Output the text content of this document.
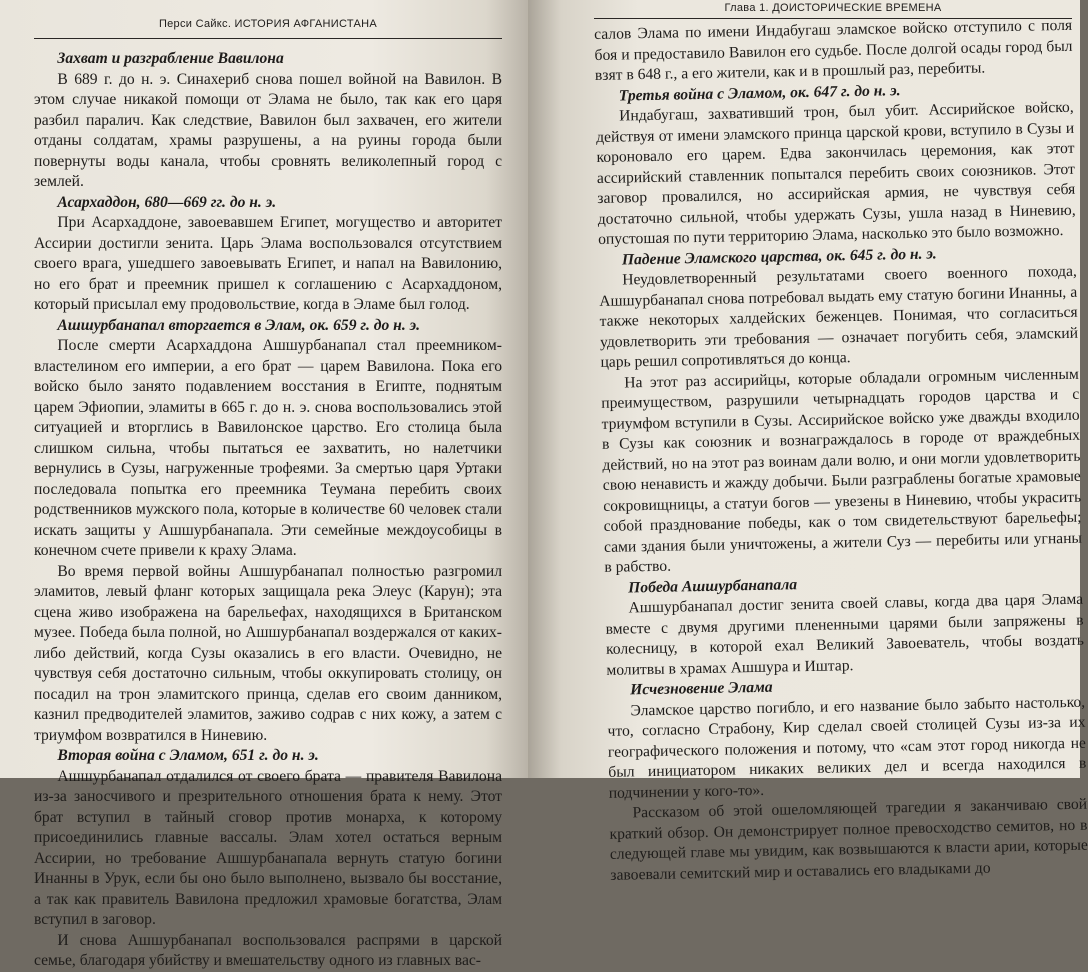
Перси Сайкс. ИСТОРИЯ АФГАНИСТАНА
Захват и разграбление Вавилона

В 689 г. до н. э. Синахериб снова пошел войной на Вавилон. В этом случае никакой помощи от Элама не было, так как его царя разбил паралич. Как следствие, Вавилон был захвачен, его жители отданы солдатам, храмы разрушены, а на руины города были повернуты воды канала, чтобы сровнять великолепный город с землей.

Асархаддон, 680—669 гг. до н. э.

При Асархаддоне, завоевавшем Египет, могущество и авторитет Ассирии достигли зенита. Царь Элама воспользовался отсутствием своего врага, ушедшего завоевывать Египет, и напал на Вавилонию, но его брат и преемник пришел к соглашению с Асархаддоном, который присылал ему продовольствие, когда в Эламе был голод.

Ашшурбанапал вторгается в Элам, ок. 659 г. до н. э.

После смерти Асархаддона Ашшурбанапал стал преемником-властелином его империи, а его брат — царем Вавилона. Пока его войско было занято подавлением восстания в Египте, поднятым царем Эфиопии, эламиты в 665 г. до н. э. снова воспользовались этой ситуацией и вторглись в Вавилонское царство. Его столица была слишком сильна, чтобы пытаться ее захватить, но налетчики вернулись в Сузы, нагруженные трофеями. За смертью царя Уртаки последовала попытка его преемника Теумана перебить своих родственников мужского пола, которые в количестве 60 человек стали искать защиты у Ашшурбанапала. Эти семейные междоусобицы в конечном счете привели к краху Элама.

Во время первой войны Ашшурбанапал полностью разгромил эламитов, левый фланг которых защищала река Элеус (Карун); эта сцена живо изображена на барельефах, находящихся в Британском музее. Победа была полной, но Ашшурбанапал воздержался от каких-либо действий, когда Сузы оказались в его власти. Очевидно, не чувствуя себя достаточно сильным, чтобы оккупировать столицу, он посадил на трон эламитского принца, сделав его своим данником, казнил предводителей эламитов, заживо содрав с них кожу, а затем с триумфом возвратился в Ниневию.

Вторая война с Эламом, 651 г. до н. э.

Ашшурбанапал отдалился от своего брата — правителя Вавилона из-за заносчивого и презрительного отношения брата к нему. Этот брат вступил в тайный сговор против монарха, к которому присоединились главные вассалы. Элам хотел остаться верным Ассирии, но требование Ашшурбанапала вернуть статую богини Инанны в Урук, если бы оно было выполнено, вызвало бы восстание, а так как правитель Вавилона предложил храмовые богатства, Элам вступил в заговор.

И снова Ашшурбанапал воспользовался распрями в царской семье, благодаря убийству и вмешательству одного из главных вас-

Глава 1. ДОИСТОРИЧЕСКИЕ ВРЕМЕНА

салов Элама по имени Индабугаш эламское войско отступило с поля боя и предоставило Вавилон его судьбе. После долгой осады город был взят в 648 г., а его жители, как и в прошлый раз, перебиты.

Третья война с Эламом, ок. 647 г. до н. э.

Индабугаш, захвативший трон, был убит. Ассирийское войско, действуя от имени эламского принца царской крови, вступило в Сузы и короновало его царем. Едва закончилась церемония, как этот ассирийский ставленник попытался перебить своих союзников. Этот заговор провалился, но ассирийская армия, не чувствуя себя достаточно сильной, чтобы удержать Сузы, ушла назад в Ниневию, опустошая по пути территорию Элама, насколько это было возможно.

Падение Эламского царства, ок. 645 г. до н. э.

Неудовлетворенный результатами своего военного похода, Ашшурбанапал снова потребовал выдать ему статую богини Инанны, а также некоторых халдейских беженцев. Понимая, что согласиться удовлетворить эти требования — означает погубить себя, эламский царь решил сопротивляться до конца.

На этот раз ассирийцы, которые обладали огромным численным преимуществом, разрушили четырнадцать городов царства и с триумфом вступили в Сузы. Ассирийское войско уже дважды входило в Сузы как союзник и вознаграждалось в городе от враждебных действий, но на этот раз воинам дали волю, и они могли удовлетворить свою ненависть и жажду добычи. Были разграблены богатые храмовые сокровищницы, а статуи богов — увезены в Ниневию, чтобы украсить собой празднование победы, как о том свидетельствуют барельефы; сами здания были уничтожены, а жители Суз — перебиты или угнаны в рабство.

Победа Ашшурбанапала

Ашшурбанапал достиг зенита своей славы, когда два царя Элама вместе с двумя другими плененными царями были запряжены в колесницу, в которой ехал Великий Завоеватель, чтобы воздать молитвы в храмах Ашшура и Иштар.

Исчезновение Элама

Эламское царство погибло, и его название было забыто настолько, что, согласно Страбону, Кир сделал своей столицей Сузы из-за их географического положения и потому, что «сам этот город никогда не был инициатором никаких великих дел и всегда находился в подчинении у кого-то».

Рассказом об этой ошеломляющей трагедии я заканчиваю свой краткий обзор. Он демонстрирует полное превосходство семитов, но в следующей главе мы увидим, как возвышаются к власти арии, которые завоевали семитский мир и оставались его владыками до
